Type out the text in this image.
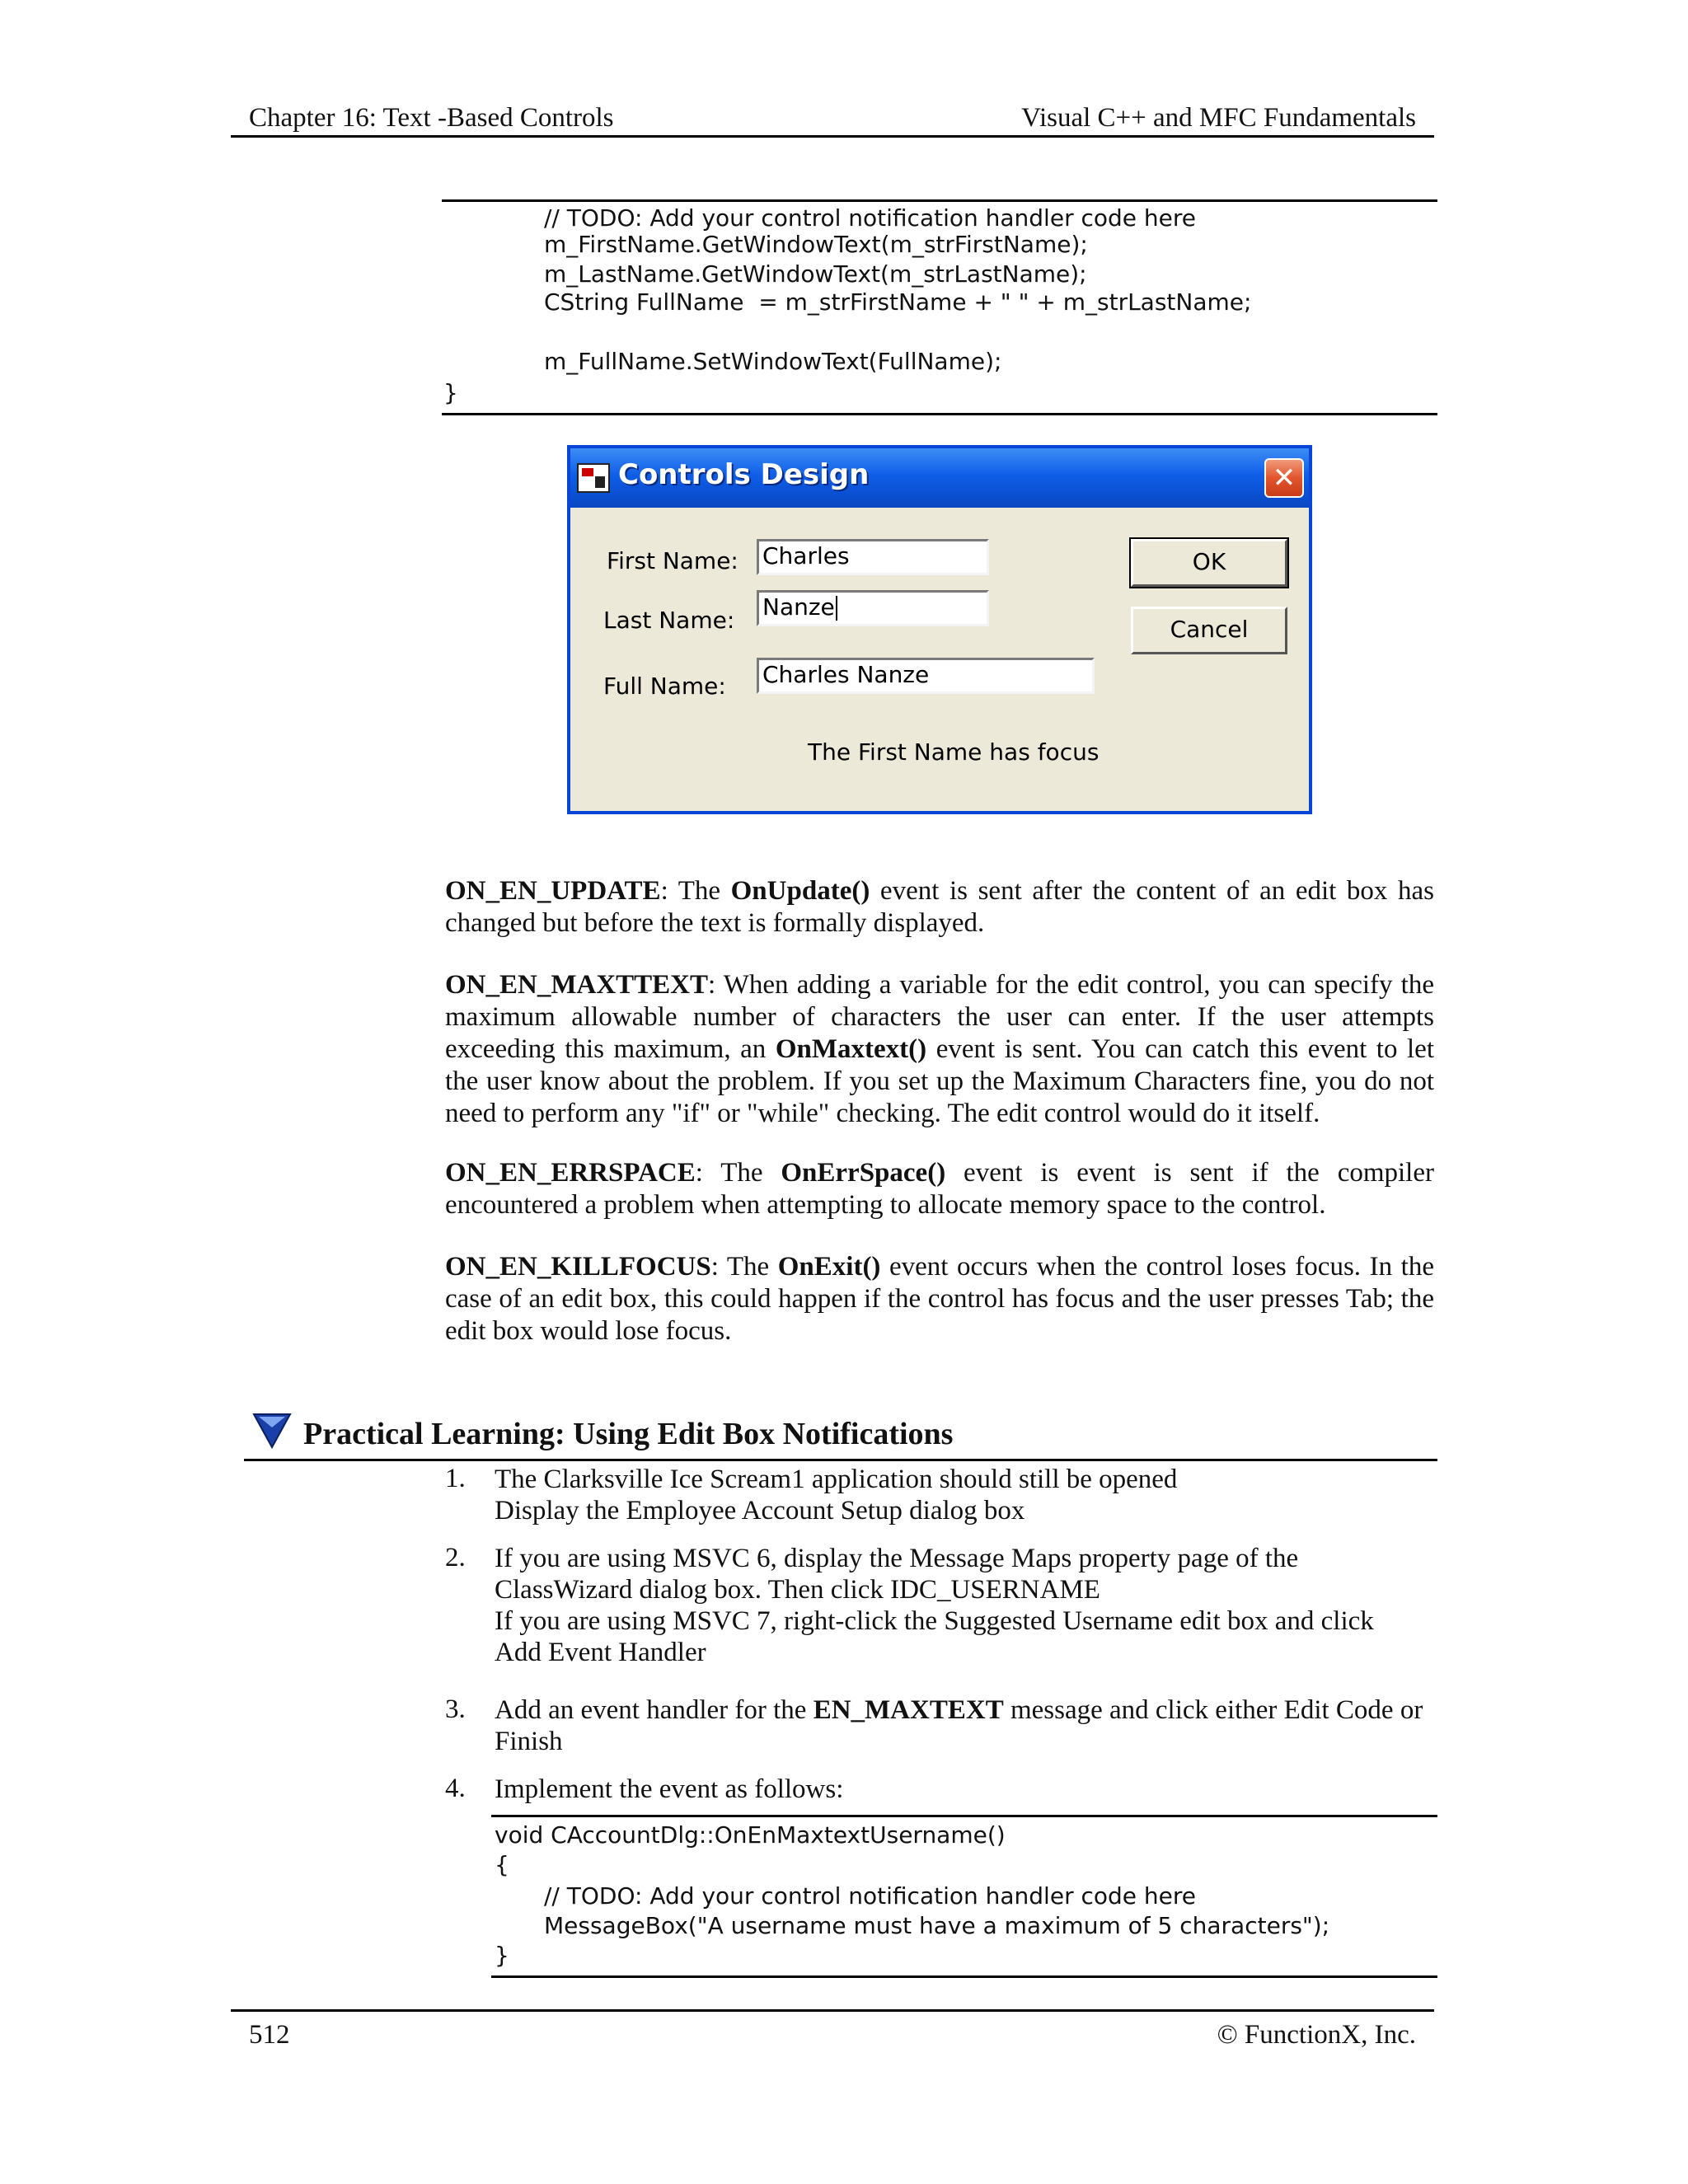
Chapter 16: Text -Based Controls	Visual C++ and MFC Fundamentals
// TODO: Add your control notification handler code here
m_FirstName.GetWindowText(m_strFirstName);
m_LastName.GetWindowText(m_strLastName);
CString FullName  = m_strFirstName + " " + m_strLastName;
m_FullName.SetWindowText(FullName);
}
Controls Design	✕
First Name: Charles
Last Name: Nanze
Full Name: Charles Nanze
OK
Cancel
The First Name has focus
ON_EN_UPDATE: The OnUpdate() event is sent after the content of an edit box has changed but before the text is formally displayed.
ON_EN_MAXTTEXT: When adding a variable for the edit control, you can specify the maximum allowable number of characters the user can enter. If the user attempts exceeding this maximum, an OnMaxtext() event is sent. You can catch this event to let the user know about the problem. If you set up the Maximum Characters fine, you do not need to perform any "if" or "while" checking. The edit control would do it itself.
ON_EN_ERRSPACE: The OnErrSpace() event is event is sent if the compiler encountered a problem when attempting to allocate memory space to the control.
ON_EN_KILLFOCUS: The OnExit() event occurs when the control loses focus. In the case of an edit box, this could happen if the control has focus and the user presses Tab; the edit box would lose focus.
Practical Learning: Using Edit Box Notifications
1. The Clarksville Ice Scream1 application should still be opened
Display the Employee Account Setup dialog box
2. If you are using MSVC 6, display the Message Maps property page of the
ClassWizard dialog box. Then click IDC_USERNAME
If you are using MSVC 7, right-click the Suggested Username edit box and click
Add Event Handler
3. Add an event handler for the EN_MAXTEXT message and click either Edit Code or
Finish
4. Implement the event as follows:
void CAccountDlg::OnEnMaxtextUsername()
{
// TODO: Add your control notification handler code here
MessageBox("A username must have a maximum of 5 characters");
}
512	© FunctionX, Inc.
